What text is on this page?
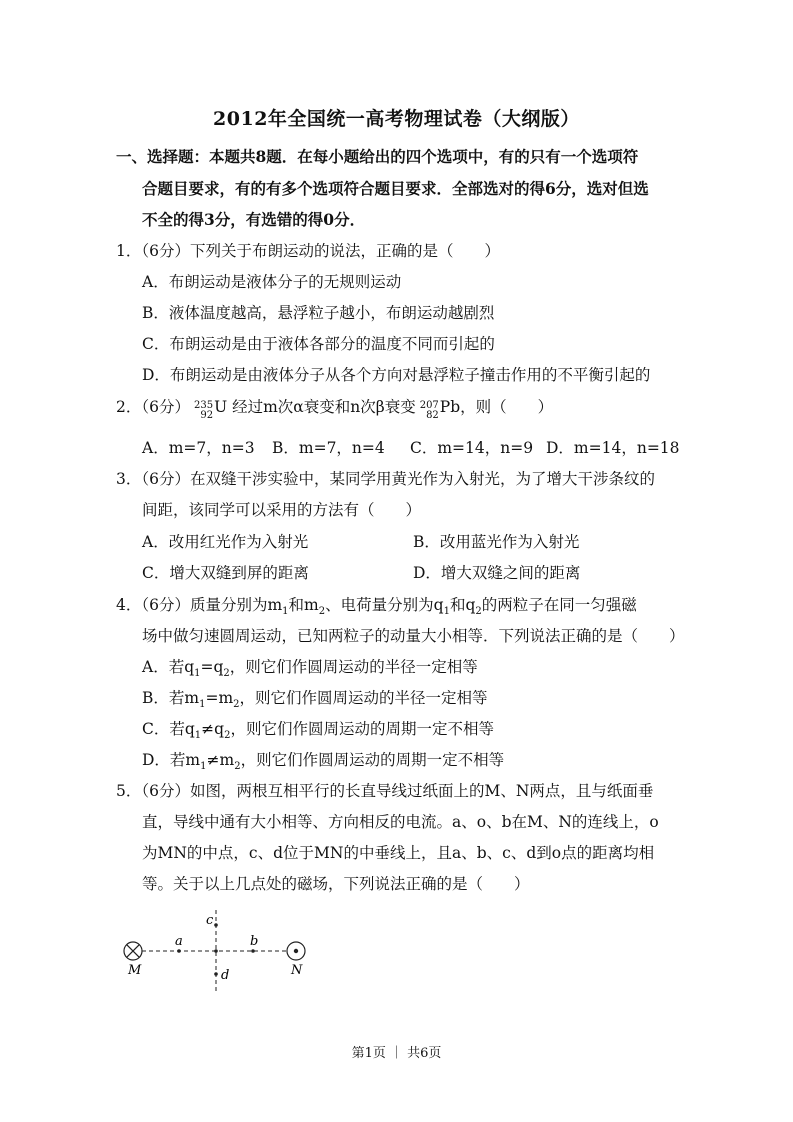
2012年全国统一高考物理试卷（大纲版）
一、选择题：本题共8题．在每小题给出的四个选项中，有的只有一个选项符
合题目要求，有的有多个选项符合题目要求．全部选对的得6分，选对但选
不全的得3分，有选错的得0分．
1．（6分）下列关于布朗运动的说法，正确的是（　　）
A．布朗运动是液体分子的无规则运动
B．液体温度越高，悬浮粒子越小，布朗运动越剧烈
C．布朗运动是由于液体各部分的温度不同而引起的
D．布朗运动是由液体分子从各个方向对悬浮粒子撞击作用的不平衡引起的
2．（6分） 235
92 U 经过m次α衰变和n次β衰变 207
82 Pb，则（　　）
A．m=7，n=3 B．m=7，n=4 C．m=14，n=9 D．m=14，n=18
3．（6分）在双缝干涉实验中，某同学用黄光作为入射光，为了增大干涉条纹的
间距，该同学可以采用的方法有（　　）
A．改用红光作为入射光	B．改用蓝光作为入射光
C．增大双缝到屏的距离	D．增大双缝之间的距离
4．（6分）质量分别为$m_1$和$m_2$、电荷量分别为$q_1$和$q_2$的两粒子在同一匀强磁
场中做匀速圆周运动，已知两粒子的动量大小相等．下列说法正确的是（　　）
A．若$q_1=q_2$，则它们作圆周运动的半径一定相等
B．若$m_1=m_2$，则它们作圆周运动的半径一定相等
C．若$q_1\ne q_2$，则它们作圆周运动的周期一定不相等
D．若$m_1\ne m_2$，则它们作圆周运动的周期一定不相等
5．（6分）如图，两根互相平行的长直导线过纸面上的M、N两点，且与纸面垂
直，导线中通有大小相等、方向相反的电流。a、o、b在M、N的连线上，o
为MN的中点，c、d位于MN的中垂线上，且a、b、c、d到o点的距离均相
等。关于以上几点处的磁场，下列说法正确的是（　　）
a	b
c
d
M	N
第1页 ｜ 共6页
